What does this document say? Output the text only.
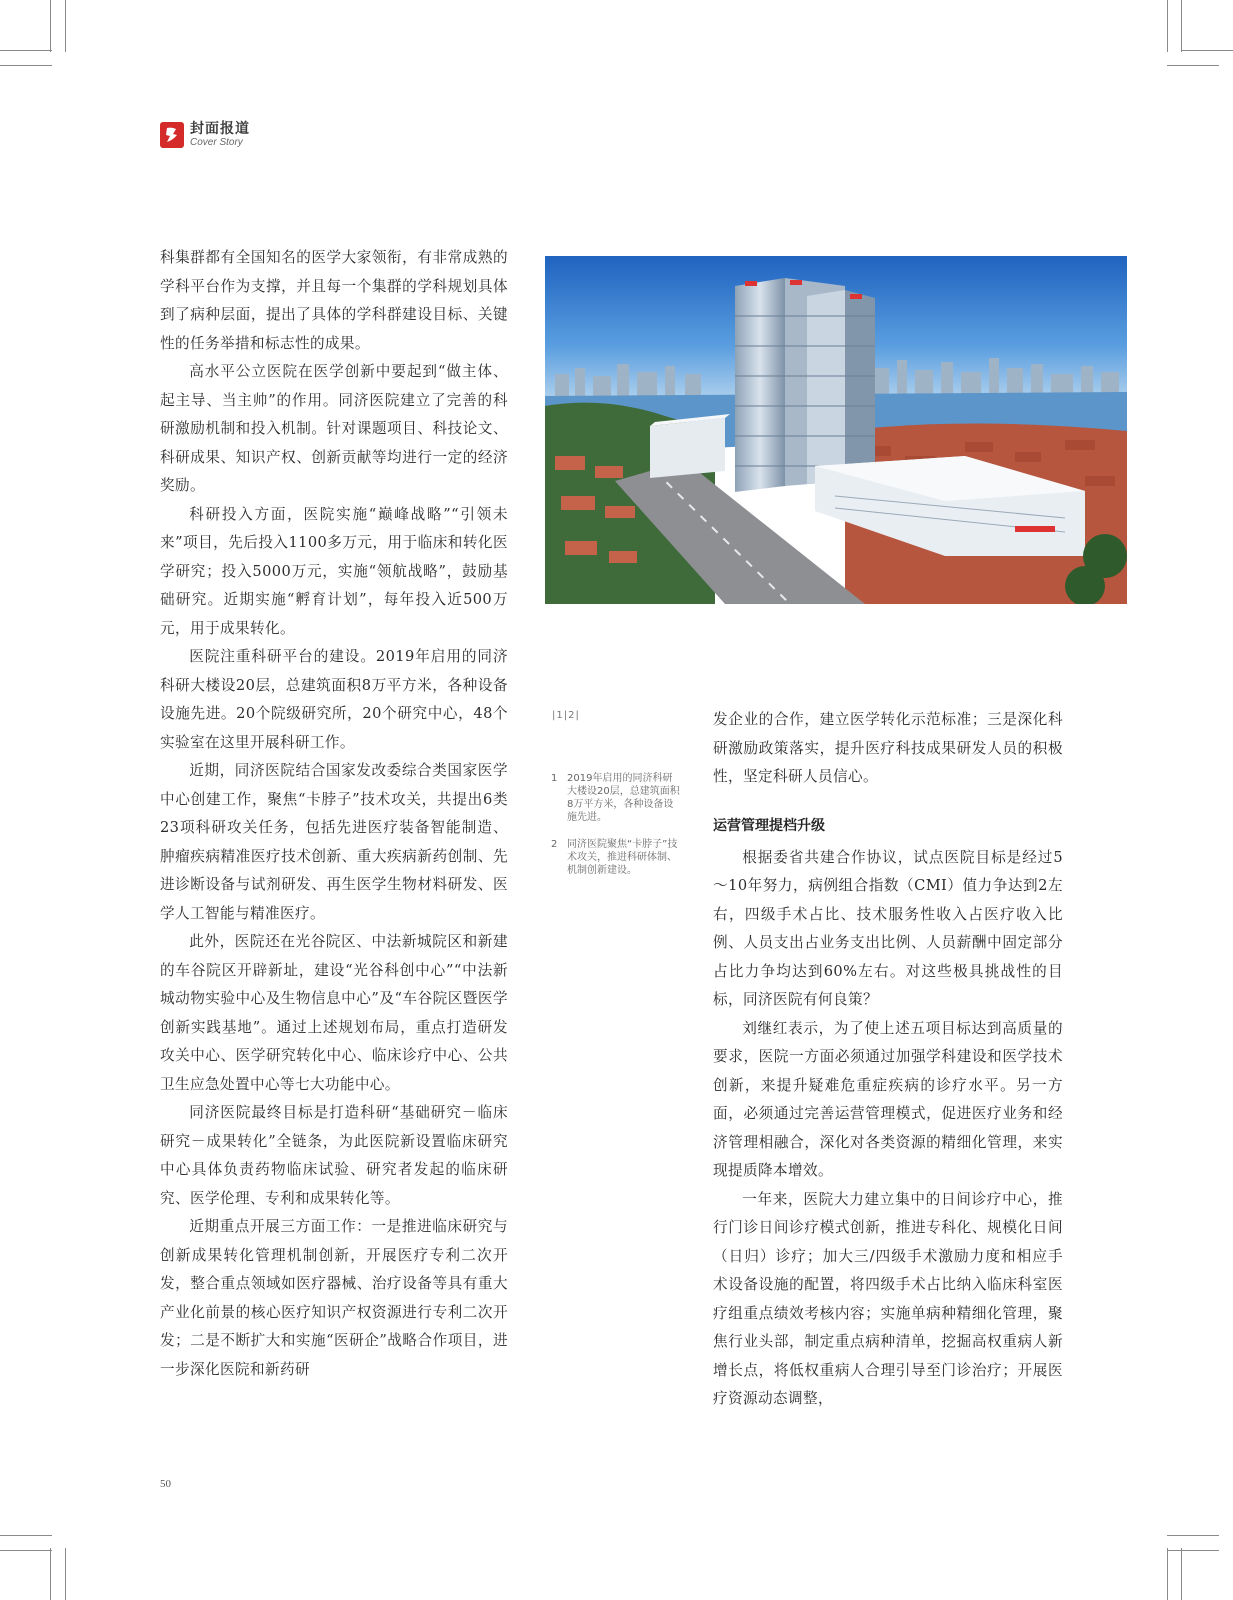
封面报道
Cover Story

科集群都有全国知名的医学大家领衔，有非常成熟的学科平台作为支撑，并且每一个集群的学科规划具体到了病种层面，提出了具体的学科群建设目标、关键性的任务举措和标志性的成果。

高水平公立医院在医学创新中要起到“做主体、起主导、当主帅”的作用。同济医院建立了完善的科研激励机制和投入机制。针对课题项目、科技论文、科研成果、知识产权、创新贡献等均进行一定的经济奖励。

科研投入方面，医院实施“巅峰战略”“引领未来”项目，先后投入1100多万元，用于临床和转化医学研究；投入5000万元，实施“领航战略”，鼓励基础研究。近期实施“孵育计划”，每年投入近500万元，用于成果转化。

医院注重科研平台的建设。2019年启用的同济科研大楼设20层，总建筑面积8万平方米，各种设备设施先进。20个院级研究所，20个研究中心，48个实验室在这里开展科研工作。

近期，同济医院结合国家发改委综合类国家医学中心创建工作，聚焦“卡脖子”技术攻关，共提出6类23项科研攻关任务，包括先进医疗装备智能制造、肿瘤疾病精准医疗技术创新、重大疾病新药创制、先进诊断设备与试剂研发、再生医学生物材料研发、医学人工智能与精准医疗。

此外，医院还在光谷院区、中法新城院区和新建的车谷院区开辟新址，建设“光谷科创中心”“中法新城动物实验中心及生物信息中心”及“车谷院区暨医学创新实践基地”。通过上述规划布局，重点打造研发攻关中心、医学研究转化中心、临床诊疗中心、公共卫生应急处置中心等七大功能中心。

同济医院最终目标是打造科研“基础研究－临床研究－成果转化”全链条，为此医院新设置临床研究中心具体负责药物临床试验、研究者发起的临床研究、医学伦理、专利和成果转化等。

近期重点开展三方面工作：一是推进临床研究与创新成果转化管理机制创新，开展医疗专利二次开发，整合重点领域如医疗器械、治疗设备等具有重大产业化前景的核心医疗知识产权资源进行专利二次开发；二是不断扩大和实施“医研企”战略合作项目，进一步深化医院和新药研

|1|2|
1 2019年启用的同济科研大楼设20层，总建筑面积8万平方米，各种设备设施先进。
2 同济医院聚焦“卡脖子”技术攻关，推进科研体制、机制创新建设。

发企业的合作，建立医学转化示范标准；三是深化科研激励政策落实，提升医疗科技成果研发人员的积极性，坚定科研人员信心。

运营管理提档升级

根据委省共建合作协议，试点医院目标是经过5～10年努力，病例组合指数（CMI）值力争达到2左右，四级手术占比、技术服务性收入占医疗收入比例、人员支出占业务支出比例、人员薪酬中固定部分占比力争均达到60%左右。对这些极具挑战性的目标，同济医院有何良策？

刘继红表示，为了使上述五项目标达到高质量的要求，医院一方面必须通过加强学科建设和医学技术创新，来提升疑难危重症疾病的诊疗水平。另一方面，必须通过完善运营管理模式，促进医疗业务和经济管理相融合，深化对各类资源的精细化管理，来实现提质降本增效。

一年来，医院大力建立集中的日间诊疗中心，推行门诊日间诊疗模式创新，推进专科化、规模化日间（日归）诊疗；加大三/四级手术激励力度和相应手术设备设施的配置，将四级手术占比纳入临床科室医疗组重点绩效考核内容；实施单病种精细化管理，聚焦行业头部，制定重点病种清单，挖掘高权重病人新增长点，将低权重病人合理引导至门诊治疗；开展医疗资源动态调整，

50
